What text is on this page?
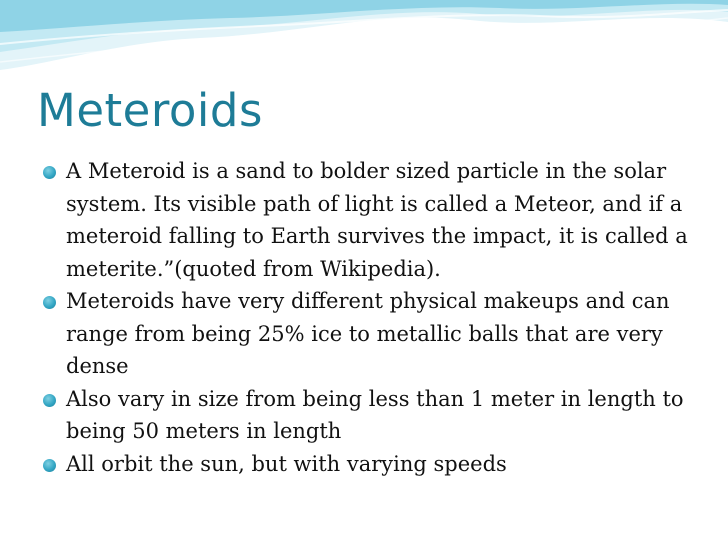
Meteroids
A Meteroid is a sand to bolder sized particle in the solar system. Its visible path of light is called a Meteor, and if a meteroid falling to Earth survives the impact, it is called a meterite.”(quoted from Wikipedia).
Meteroids have very different physical makeups and can range from being 25% ice to metallic balls that are very dense
Also vary in size from being less than 1 meter in length to being 50 meters in length
All orbit the sun, but with varying speeds
